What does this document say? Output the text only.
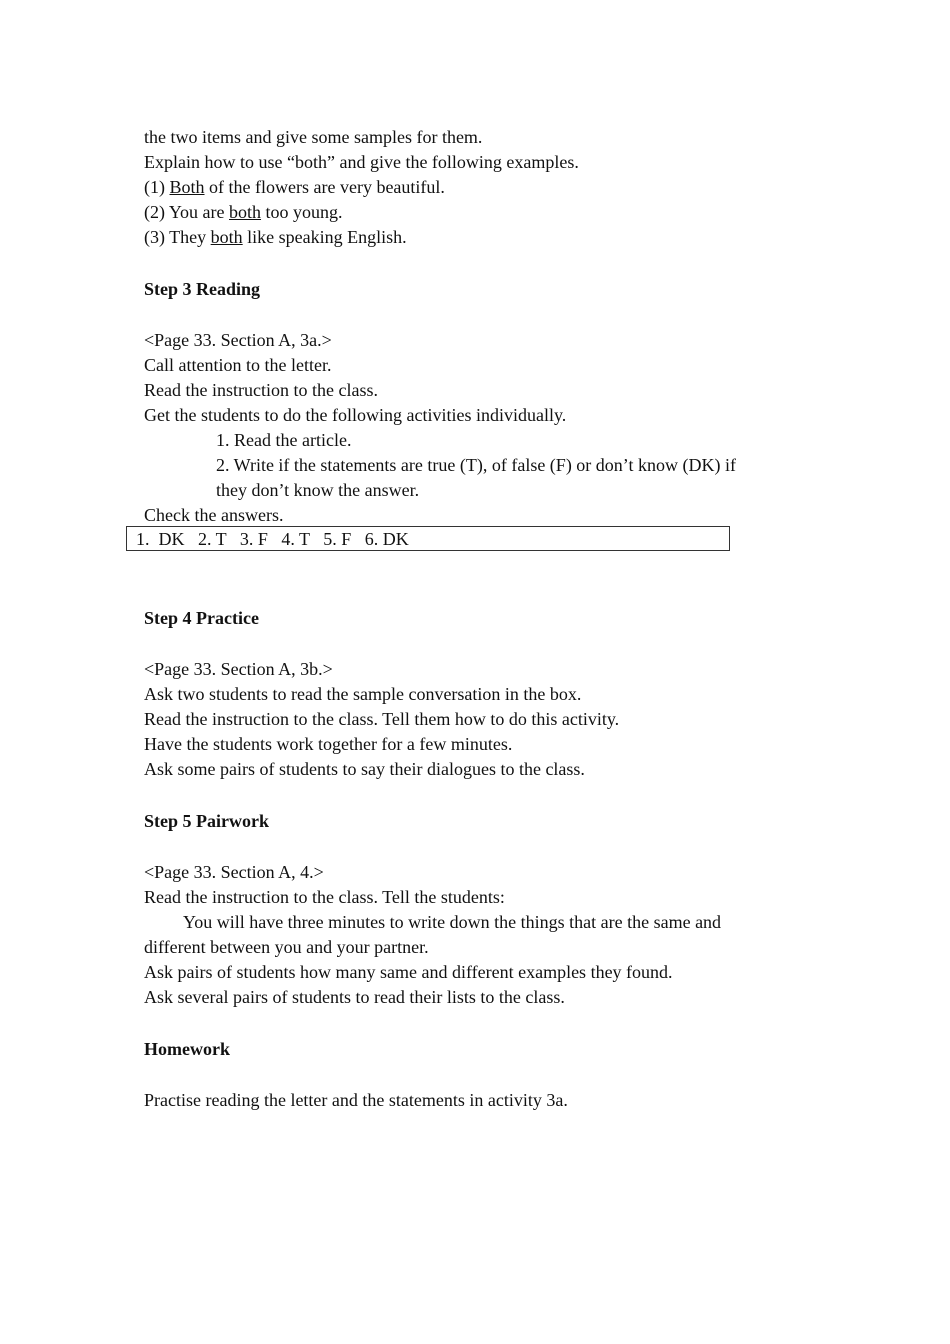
the two items and give some samples for them.
Explain how to use “both” and give the following examples.
(1) Both of the flowers are very beautiful.
(2) You are both too young.
(3) They both like speaking English.
Step 3 Reading
<Page 33. Section A, 3a.>
Call attention to the letter.
Read the instruction to the class.
Get the students to do the following activities individually.
1. Read the article.
2. Write if the statements are true (T), of false (F) or don’t know (DK) if
they don’t know the answer.
Check the answers.
1.  DK   2. T   3. F   4. T   5. F   6. DK
Step 4 Practice
<Page 33. Section A, 3b.>
Ask two students to read the sample conversation in the box.
Read the instruction to the class. Tell them how to do this activity.
Have the students work together for a few minutes.
Ask some pairs of students to say their dialogues to the class.
Step 5 Pairwork
<Page 33. Section A, 4.>
Read the instruction to the class. Tell the students:
You will have three minutes to write down the things that are the same and
different between you and your partner.
Ask pairs of students how many same and different examples they found.
Ask several pairs of students to read their lists to the class.
Homework
Practise reading the letter and the statements in activity 3a.
